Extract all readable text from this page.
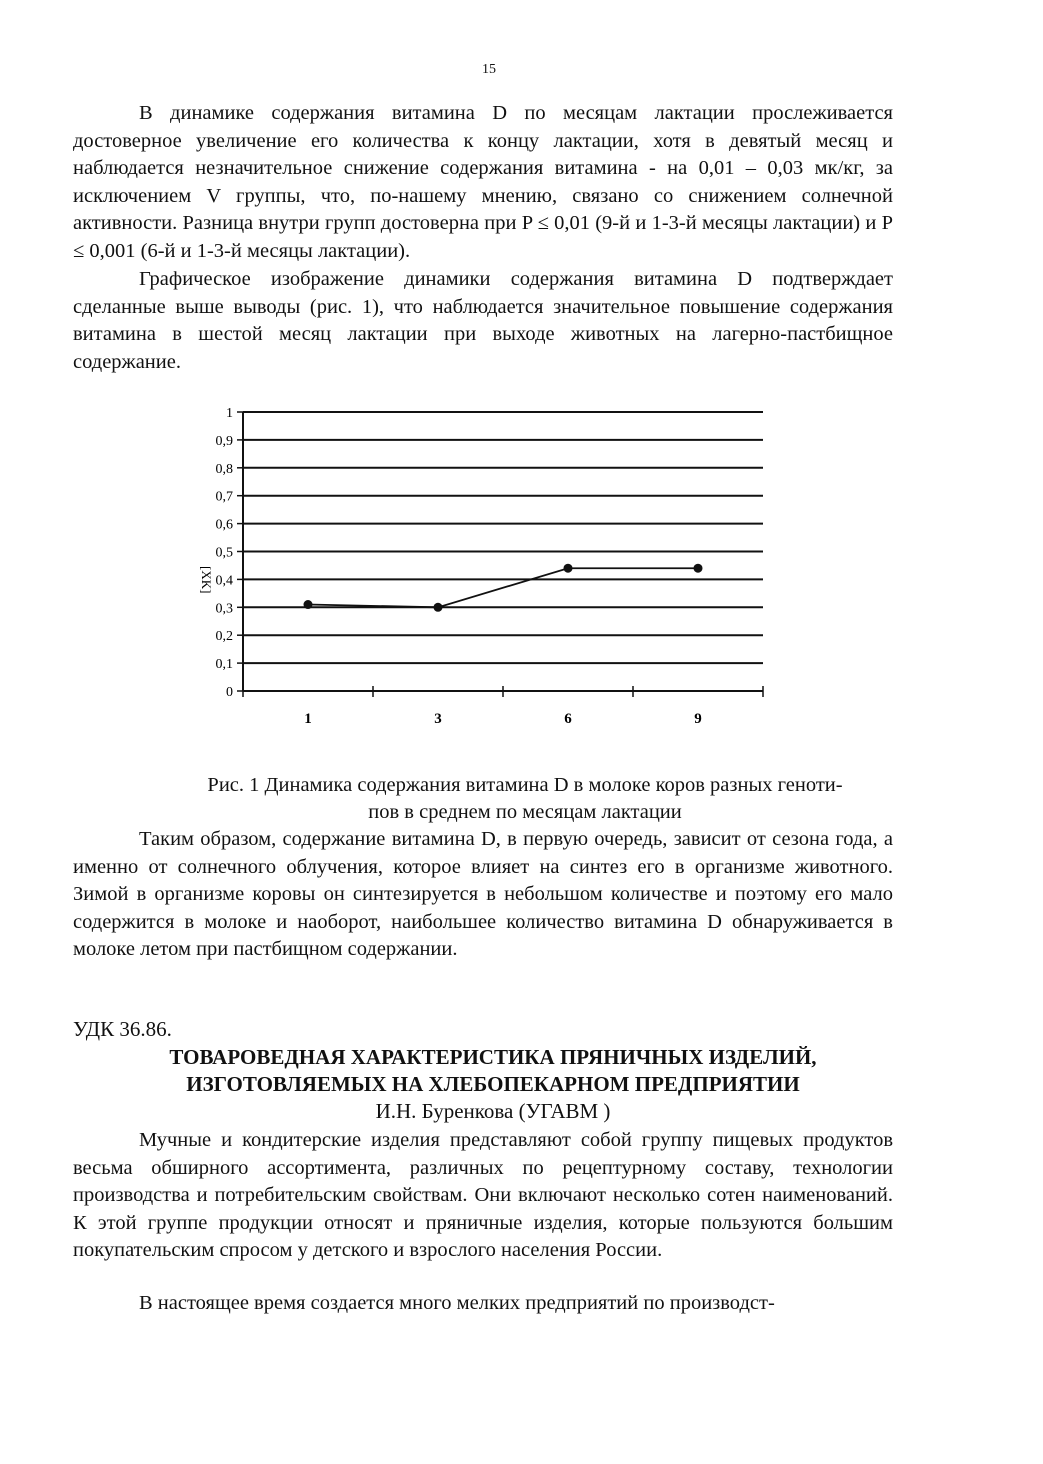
15

В динамике содержания витамина D по месяцам лактации прослеживается достоверное увеличение его количества к концу лактации, хотя в девятый месяц и наблюдается незначительное снижение содержания витамина - на 0,01 – 0,03 мк/кг, за исключением V группы, что, по-нашему мнению, связано со снижением солнечной активности. Разница внутри групп достоверна при P ≤ 0,01 (9-й и 1-3-й месяцы лактации) и P ≤ 0,001 (6-й и 1-3-й месяцы лактации).

Графическое изображение динамики содержания витамина D подтверждает сделанные выше выводы (рис. 1), что наблюдается значительное повышение содержания витамина в шестой месяц лактации при выходе животных на лагерно-пастбищное содержание.

0
0,1
0,2
0,3
0,4
0,5
0,6
0,7
0,8
0,9
1
1	3	6	9
[XK]
Рис. 1 Динамика содержания витамина D в молоке коров разных геноти-
пов в среднем по месяцам лактации

Таким образом, содержание витамина D, в первую очередь, зависит от сезона года, а именно от солнечного облучения, которое влияет на синтез его в организме животного. Зимой в организме коровы он синтезируется в небольшом количестве и поэтому его мало содержится в молоке и наоборот, наибольшее количество витамина D обнаруживается в молоке летом при пастбищном содержании.

УДК 36.86.
ТОВАРОВЕДНАЯ ХАРАКТЕРИСТИКА ПРЯНИЧНЫХ ИЗДЕЛИЙ,
ИЗГОТОВЛЯЕМЫХ НА ХЛЕБОПЕКАРНОМ ПРЕДПРИЯТИИ
И.Н. Буренкова (УГАВМ )

Мучные и кондитерские изделия представляют собой группу пищевых продуктов весьма обширного ассортимента, различных по рецептурному составу, технологии производства и потребительским свойствам. Они включают несколько сотен наименований. К этой группе продукции относят и пряничные изделия, которые пользуются большим покупательским спросом у детского и взрослого населения России.

В настоящее время создается много мелких предприятий по производст-
